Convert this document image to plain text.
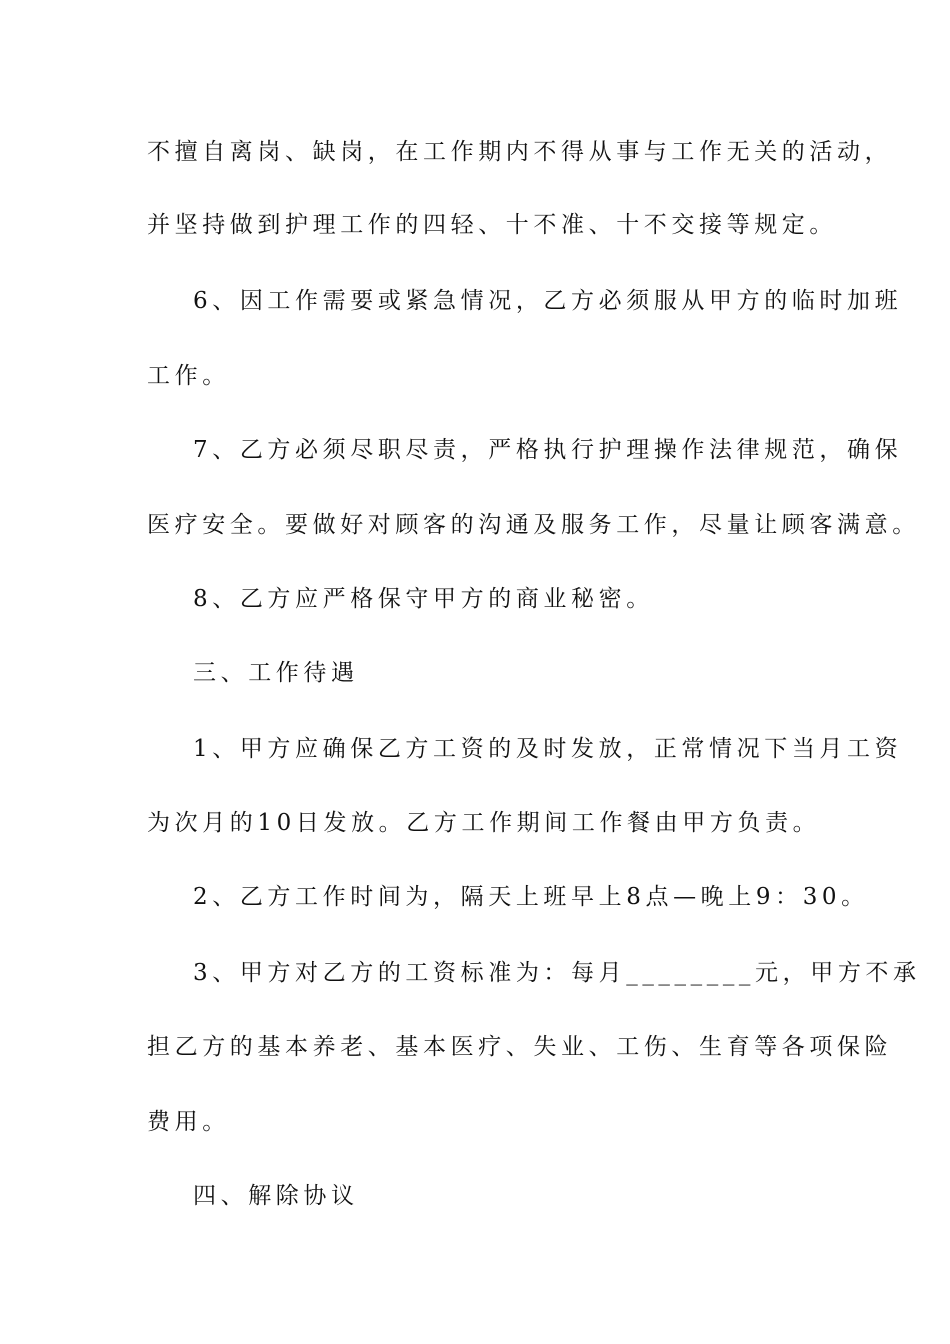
不擅自离岗、缺岗，在工作期内不得从事与工作无关的活动，
并坚持做到护理工作的四轻、十不准、十不交接等规定。
6、因工作需要或紧急情况，乙方必须服从甲方的临时加班
工作。
7、乙方必须尽职尽责，严格执行护理操作法律规范，确保
医疗安全。要做好对顾客的沟通及服务工作，尽量让顾客满意。
8、乙方应严格保守甲方的商业秘密。
三、工作待遇
1、甲方应确保乙方工资的及时发放，正常情况下当月工资
为次月的10日发放。乙方工作期间工作餐由甲方负责。
2、乙方工作时间为，隔天上班早上8点—晚上9：30。
3、甲方对乙方的工资标准为：每月________元，甲方不承
担乙方的基本养老、基本医疗、失业、工伤、生育等各项保险
费用。
四、解除协议
